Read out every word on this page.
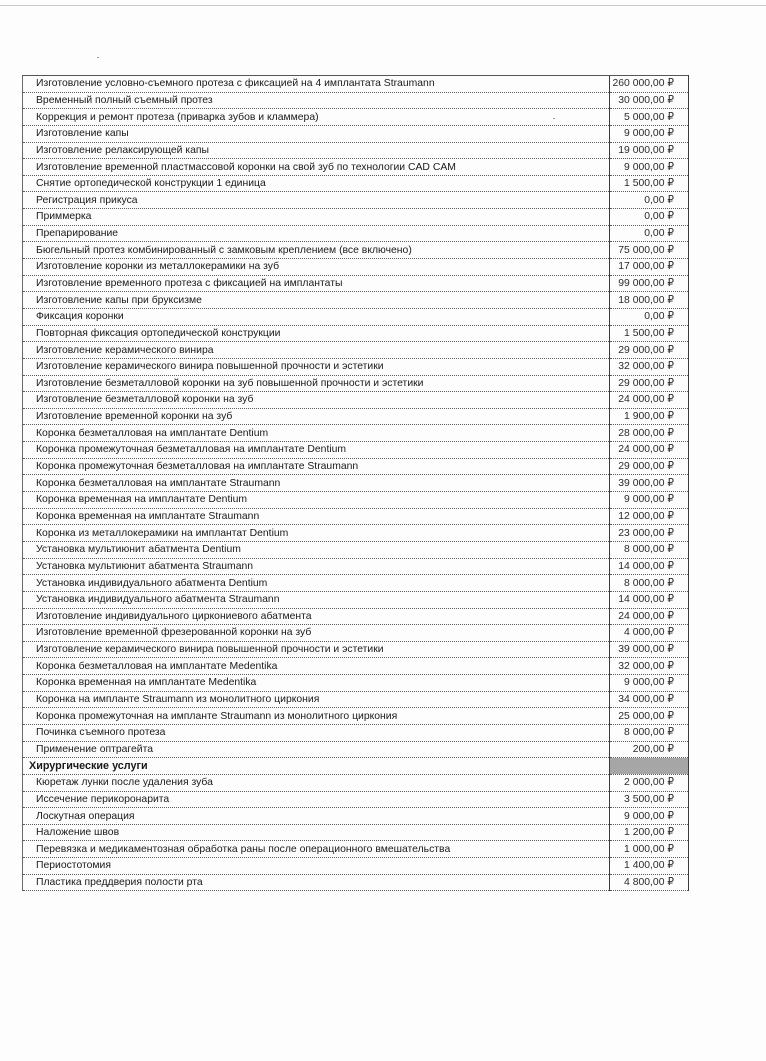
Изготовление условно-съемного протеза с фиксацией на 4 имплантата Straumann	260 000,00 ₽
Временный полный съемный протез	30 000,00 ₽
Коррекция и ремонт протеза (приварка зубов и кламмера)	5 000,00 ₽
Изготовление капы	9 000,00 ₽
Изготовление релаксирующей капы	19 000,00 ₽
Изготовление временной пластмассовой коронки на свой зуб по технологии CAD CAM	9 000,00 ₽
Снятие ортопедической конструкции 1 единица	1 500,00 ₽
Регистрация прикуса	0,00 ₽
Приммерка	0,00 ₽
Препарирование	0,00 ₽
Бюгельный протез комбинированный с замковым креплением (все включено)	75 000,00 ₽
Изготовление коронки из металлокерамики на зуб	17 000,00 ₽
Изготовление временного протеза с фиксацией на имплантаты	99 000,00 ₽
Изготовление капы при бруксизме	18 000,00 ₽
Фиксация коронки	0,00 ₽
Повторная фиксация ортопедической конструкции	1 500,00 ₽
Изготовление керамического винира	29 000,00 ₽
Изготовление керамического винира повышенной прочности и эстетики	32 000,00 ₽
Изготовление безметалловой коронки на зуб повышенной прочности и эстетики	29 000,00 ₽
Изготовление безметалловой коронки на зуб	24 000,00 ₽
Изготовление временной коронки на зуб	1 900,00 ₽
Коронка безметалловая на имплантате Dentium	28 000,00 ₽
Коронка промежуточная безметалловая на имплантате Dentium	24 000,00 ₽
Коронка промежуточная безметалловая на имплантате Straumann	29 000,00 ₽
Коронка безметалловая на имплантате Straumann	39 000,00 ₽
Коронка временная на имплантате Dentium	9 000,00 ₽
Коронка временная на имплантате Straumann	12 000,00 ₽
Коронка из металлокерамики на имплантат Dentium	23 000,00 ₽
Установка мультиюнит абатмента Dentium	8 000,00 ₽
Установка мультиюнит абатмента Straumann	14 000,00 ₽
Установка индивидуального абатмента Dentium	8 000,00 ₽
Установка индивидуального абатмента Straumann	14 000,00 ₽
Изготовление индивидуального циркониевого абатмента	24 000,00 ₽
Изготовление временной фрезерованной коронки на зуб	4 000,00 ₽
Изготовление керамического винира повышенной прочности и эстетики	39 000,00 ₽
Коронка безметалловая на имплантате Medentika	32 000,00 ₽
Коронка временная на имплантате Medentika	9 000,00 ₽
Коронка на импланте Straumann из монолитного циркония	34 000,00 ₽
Коронка промежуточная на импланте Straumann из монолитного циркония	25 000,00 ₽
Починка съемного протеза	8 000,00 ₽
Применение оптрагейта	200,00 ₽
Хирургические услуги	
Кюретаж лунки после удаления зуба	2 000,00 ₽
Иссечение перикоронарита	3 500,00 ₽
Лоскутная операция	9 000,00 ₽
Наложение швов	1 200,00 ₽
Перевязка и медикаментозная обработка раны после операционного вмешательства	1 000,00 ₽
Периостотомия	1 400,00 ₽
Пластика преддверия полости рта	4 800,00 ₽
